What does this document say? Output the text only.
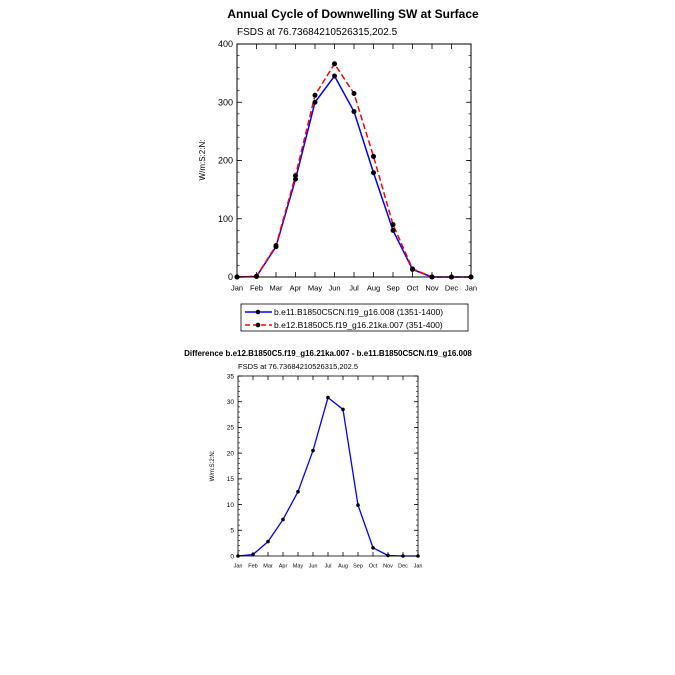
Annual Cycle of Downwelling SW at Surface
FSDS at 76.73684210526315,202.5
Jan Feb Mar Apr May Jun Jul Aug Sep Oct Nov Dec Jan
0
100
200
300
400
W/m:S:2:N:
b.e11.B1850C5CN.f19_g16.008 (1351-1400)
b.e12.B1850C5.f19_g16.21ka.007 (351-400)
Difference b.e12.B1850C5.f19_g16.21ka.007 - b.e11.B1850C5CN.f19_g16.008
FSDS at 76.73684210526315,202.5
Jan Feb Mar Apr May Jun Jul Aug Sep Oct Nov Dec Jan
0
5
10
15
20
25
30
35
W/m:S:2:N:
